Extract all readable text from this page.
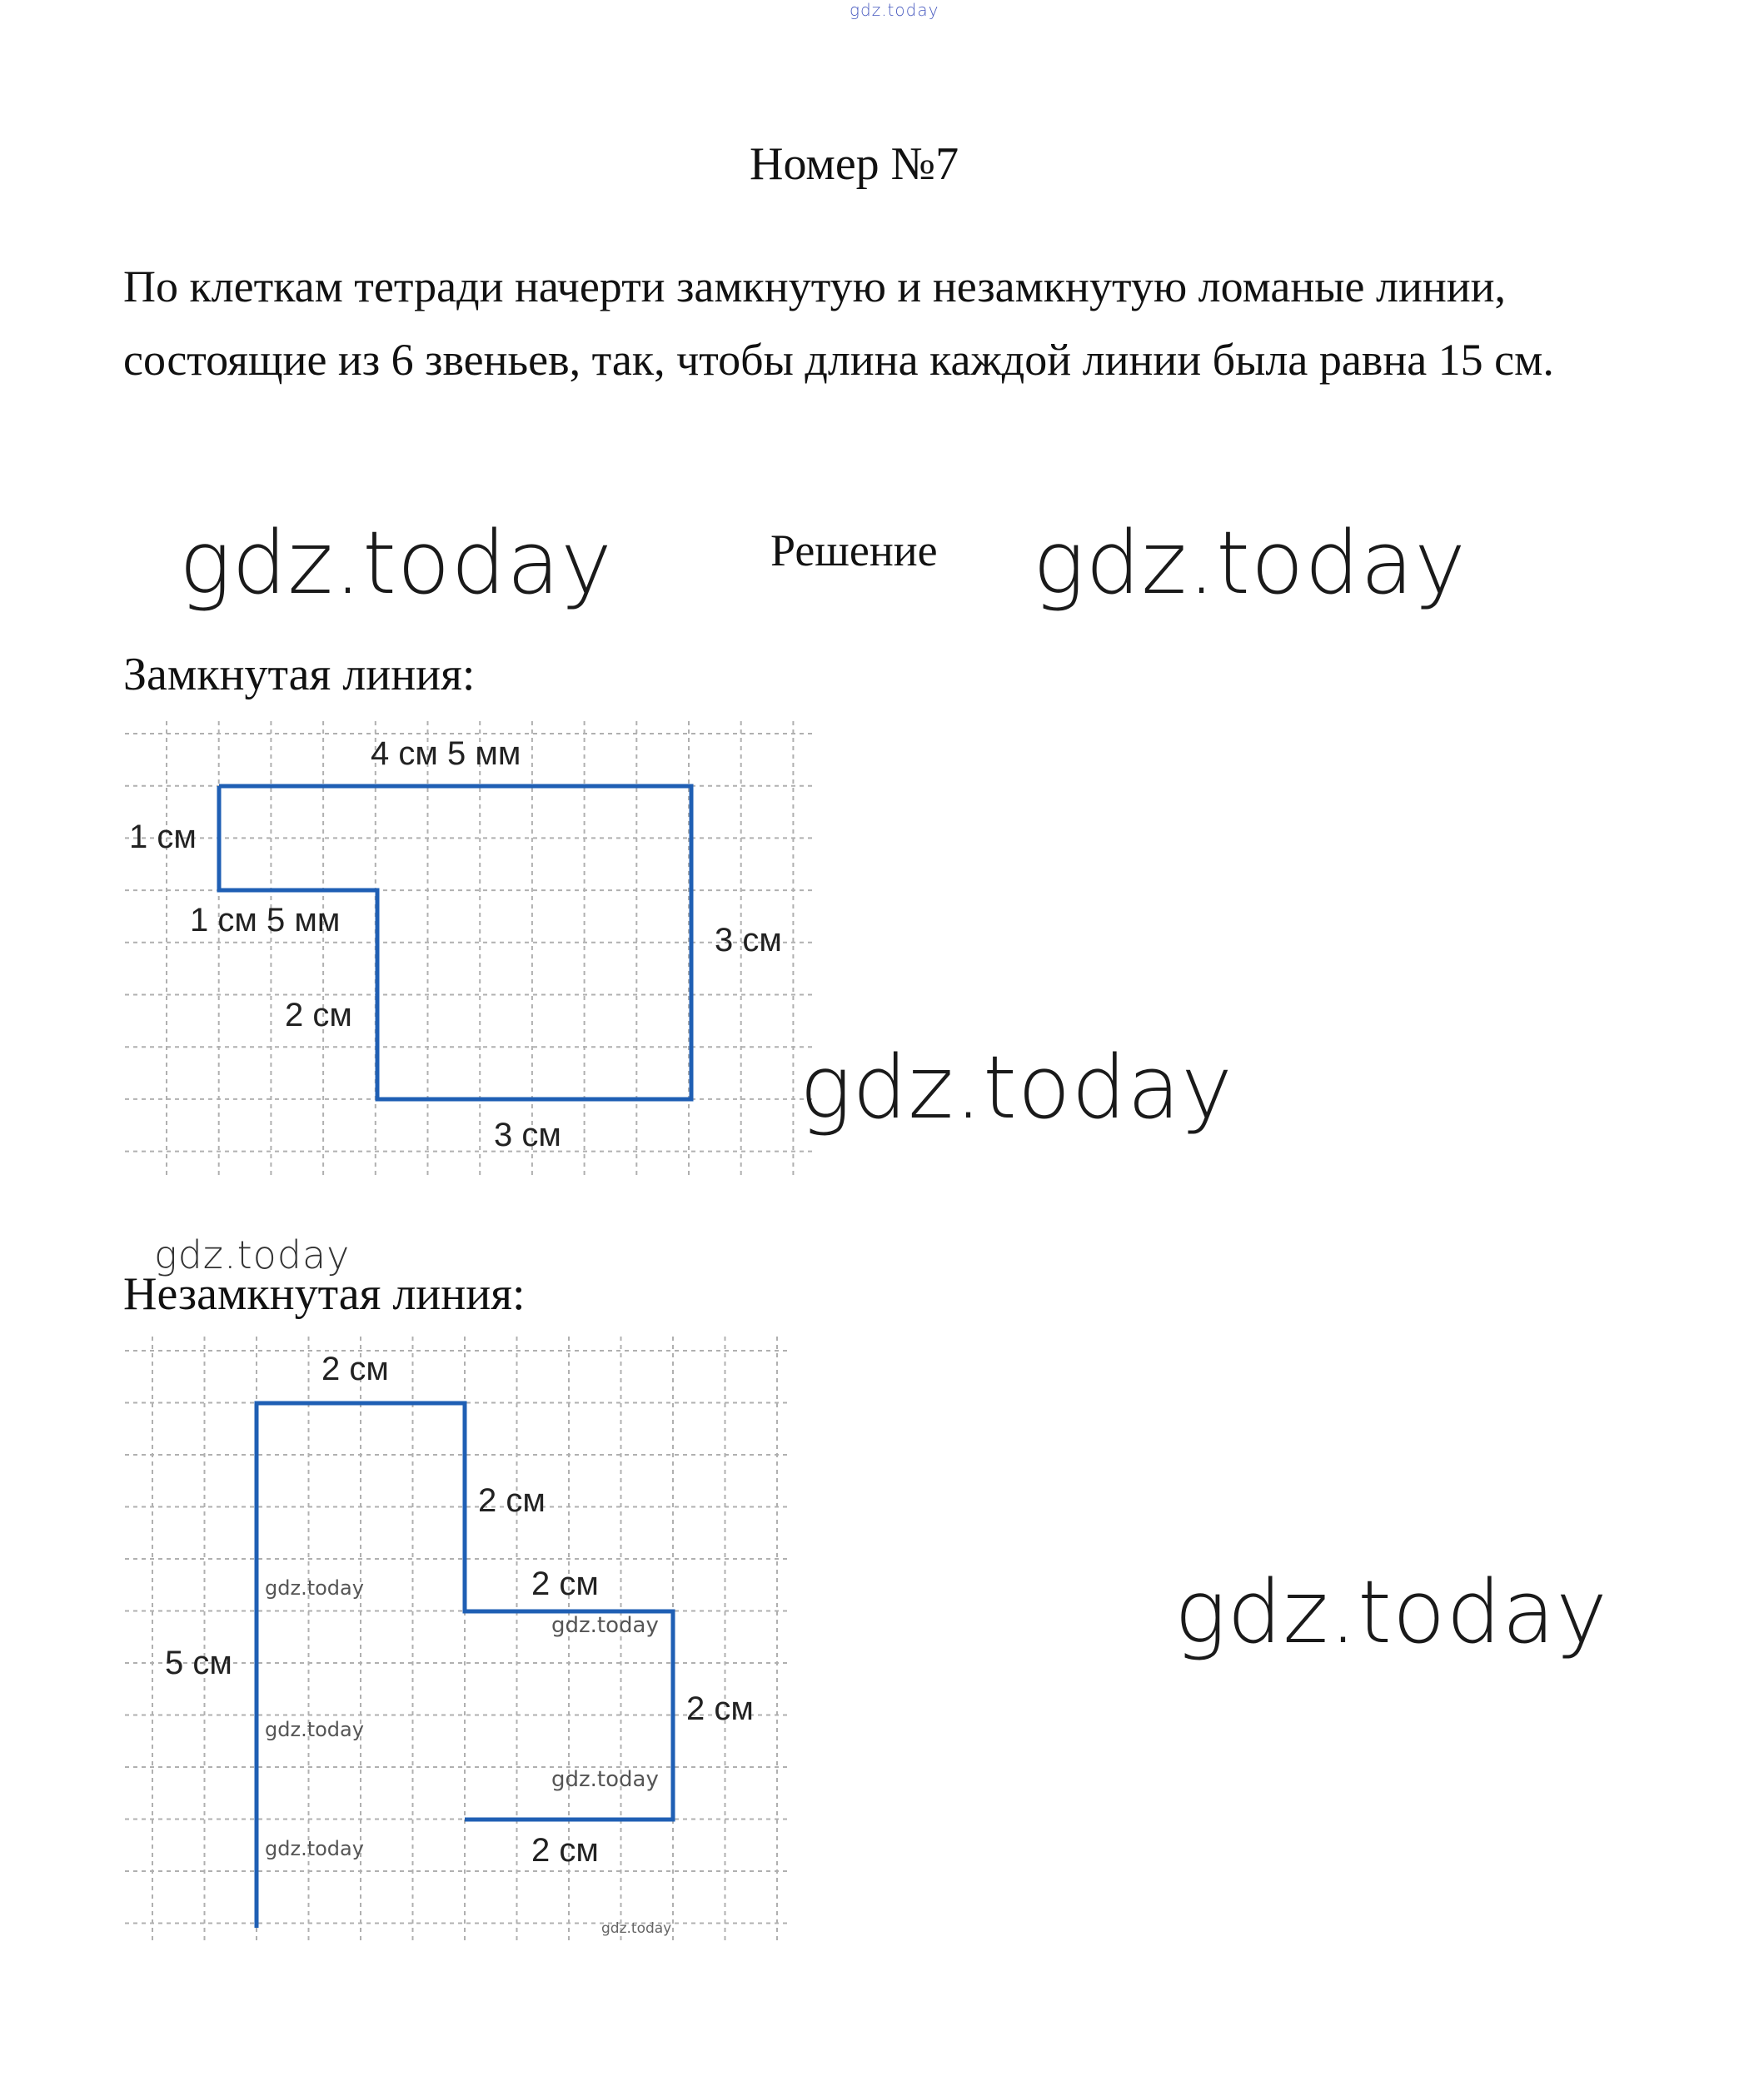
gdz.today
Номер №7

По клеткам тетради начерти замкнутую и незамкнутую ломаные линии, состоящие из 6 звеньев, так, чтобы длина каждой линии была равна 15 см.

gdz.today	Решение gdz.today
Замкнутая линия:
4 см 5 мм
1 см
1 см 5 мм
2 см
3 см
3 см	gdz.today
gdz.today
Незамкнутая линия:
2 см
2 см
2 см
2 см
2 см
5 см
gdz.today
gdz.today
gdz.today
gdz.today
gdz.today
gdz.today
gdz.today
